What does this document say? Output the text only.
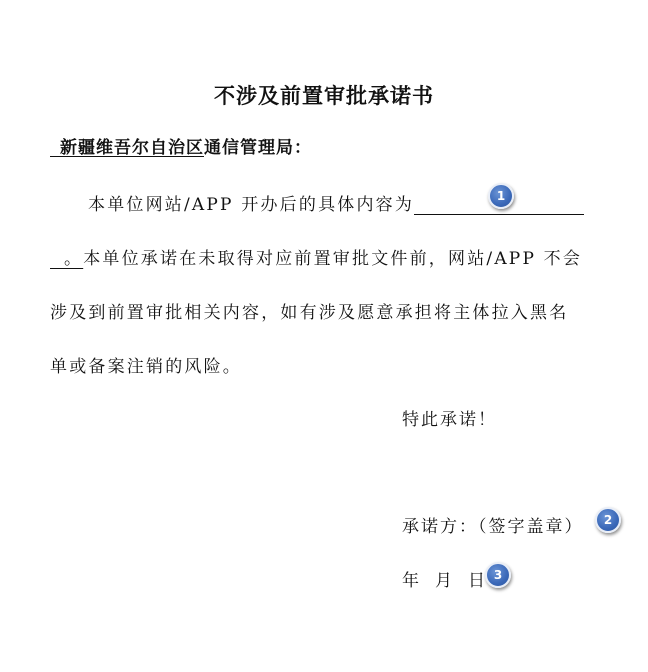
不涉及前置审批承诺书
新疆维吾尔自治区通信管理局：
本单位网站/APP 开办后的具体内容为
。本单位承诺在未取得对应前置审批文件前，网站/APP 不会
涉及到前置审批相关内容，如有涉及愿意承担将主体拉入黑名
单或备案注销的风险。
特此承诺！
承诺方：（签字盖章）
年 月 日
1
2
3
